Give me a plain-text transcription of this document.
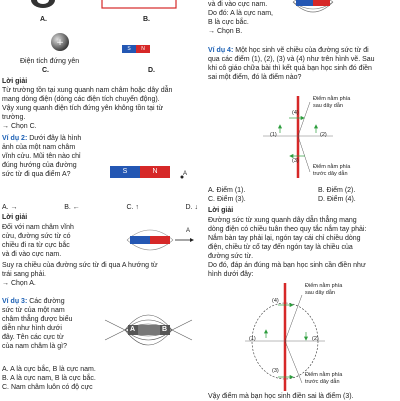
A.	B.
+
Điện tích đứng yên
C.
S	N
D.
Lời giải
Từ trường tồn tại xung quanh nam châm hoặc dây dẫn
mang dòng điện (dòng các điện tích chuyển động).
Vậy xung quanh điện tích đứng yên không tồn tại từ
trường.
→ Chọn C.
Ví dụ 2: Dưới đây là hình
ảnh của một nam châm
vĩnh cửu. Mũi tên nào chỉ
đúng hướng của đường
sức từ đi qua điểm A?	S	N	A
A. →	B. ←	C. ↑	D. ↓
Lời giải
Đối với nam châm vĩnh
cửu, đường sức từ có
chiều đi ra từ cực bắc
và đi vào cực nam.
A
Suy ra chiều của đường sức từ đi qua A hướng từ
trái sang phải.
→ Chọn A.
Ví dụ 3: Các đường
sức từ của một nam
châm thẳng được biểu
diễn như hình dưới
đây. Tên các cực từ
của nam châm là gì?
A	B
A. A là cực bắc, B là cực nam.
B. A là cực nam, B là cực bắc.
C. Nam châm luôn có độ cực
và đi vào cực nam.
Do đó: A là cực nam,
B là cực bắc.
→ Chọn B.
Ví dụ 4: Một học sinh vẽ chiều của đường sức từ đi
qua các điểm (1), (2), (3) và (4) như trên hình vẽ. Sau
khi cô giáo chữa bài thì kết quả bạn học sinh đó điền
sai một điểm, đó là điểm nào?
Điểm nằm phía
sau dây dẫn
Điểm nằm phía
trước dây dẫn
(1)	(2)
(4)
(3)
A. Điểm (1).	B. Điểm (2).
C. Điểm (3).	D. Điểm (4).
Lời giải
Đường sức từ xung quanh dây dẫn thẳng mang
dòng điện có chiều tuân theo quy tắc nắm tay phải:
Nắm bàn tay phải lại, ngón tay cái chỉ chiều dòng
điện, chiều từ cổ tay đến ngón tay là chiều của
đường sức từ.
Do đó, đáp án đúng mà bạn học sinh cần điền như
hình dưới đây:
Điểm nằm phía
sau dây dẫn
Điểm nằm phía
trước dây dẫn
(1)	(2)
(4)
(3)
Vậy điểm mà bạn học sinh điền sai là điểm (3).
